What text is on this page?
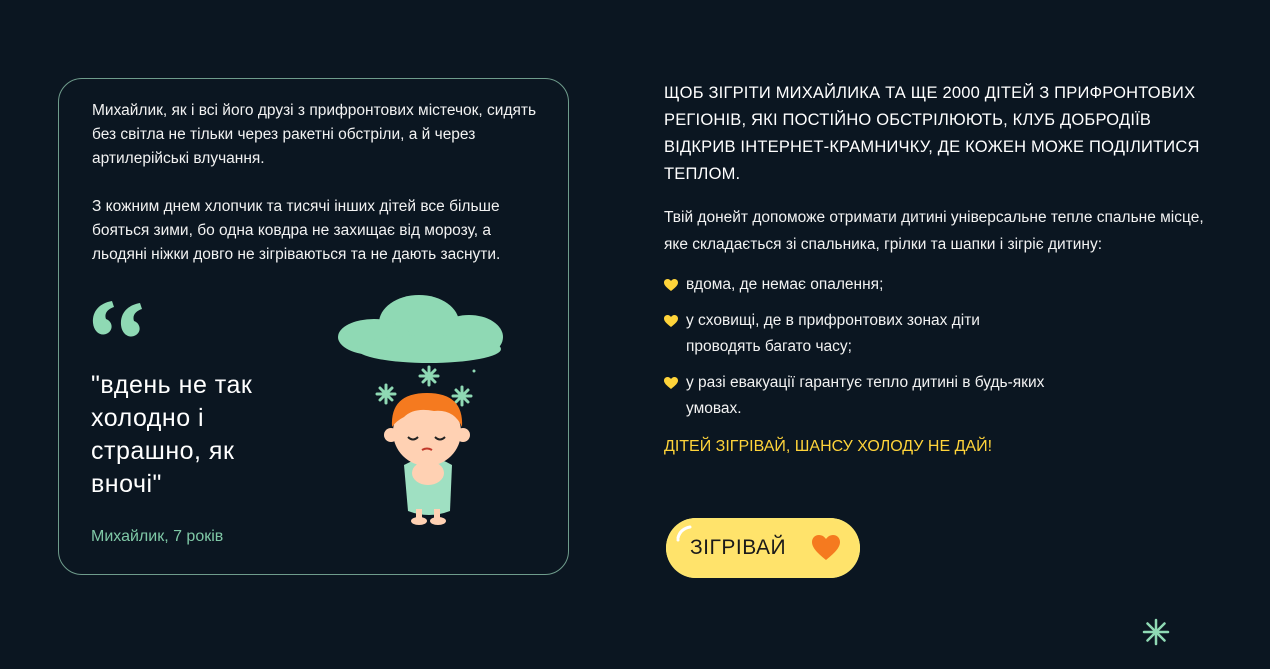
Михайлик, як і всі його друзі з прифронтових містечок, сидять без світла не тільки через ракетні обстріли, а й через артилерійські влучання.

З кожним днем хлопчик та тисячі інших дітей все більше бояться зими, бо одна ковдра не захищає від морозу, а льодяні ніжки довго не зігріваються та не дають заснути.

"вдень не так холодно і страшно, як вночі"
Михайлик, 7 років
ЩОБ ЗІГРІТИ МИХАЙЛИКА ТА ЩЕ 2000 ДІТЕЙ З ПРИФРОНТОВИХ РЕГІОНІВ, ЯКІ ПОСТІЙНО ОБСТРІЛЮЮТЬ, КЛУБ ДОБРОДІЇВ ВІДКРИВ ІНТЕРНЕТ-КРАМНИЧКУ, ДЕ КОЖЕН МОЖЕ ПОДІЛИТИСЯ ТЕПЛОМ.

Твій донейт допоможе отримати дитині універсальне тепле спальне місце, яке складається зі спальника, грілки та шапки і зігріє дитину:

вдома, де немає опалення;
у сховищі, де в прифронтових зонах діти проводять багато часу;
у разі евакуації гарантує тепло дитині в будь-яких умовах.

ДІТЕЙ ЗІГРІВАЙ, ШАНСУ ХОЛОДУ НЕ ДАЙ!

ЗІГРІВАЙ
